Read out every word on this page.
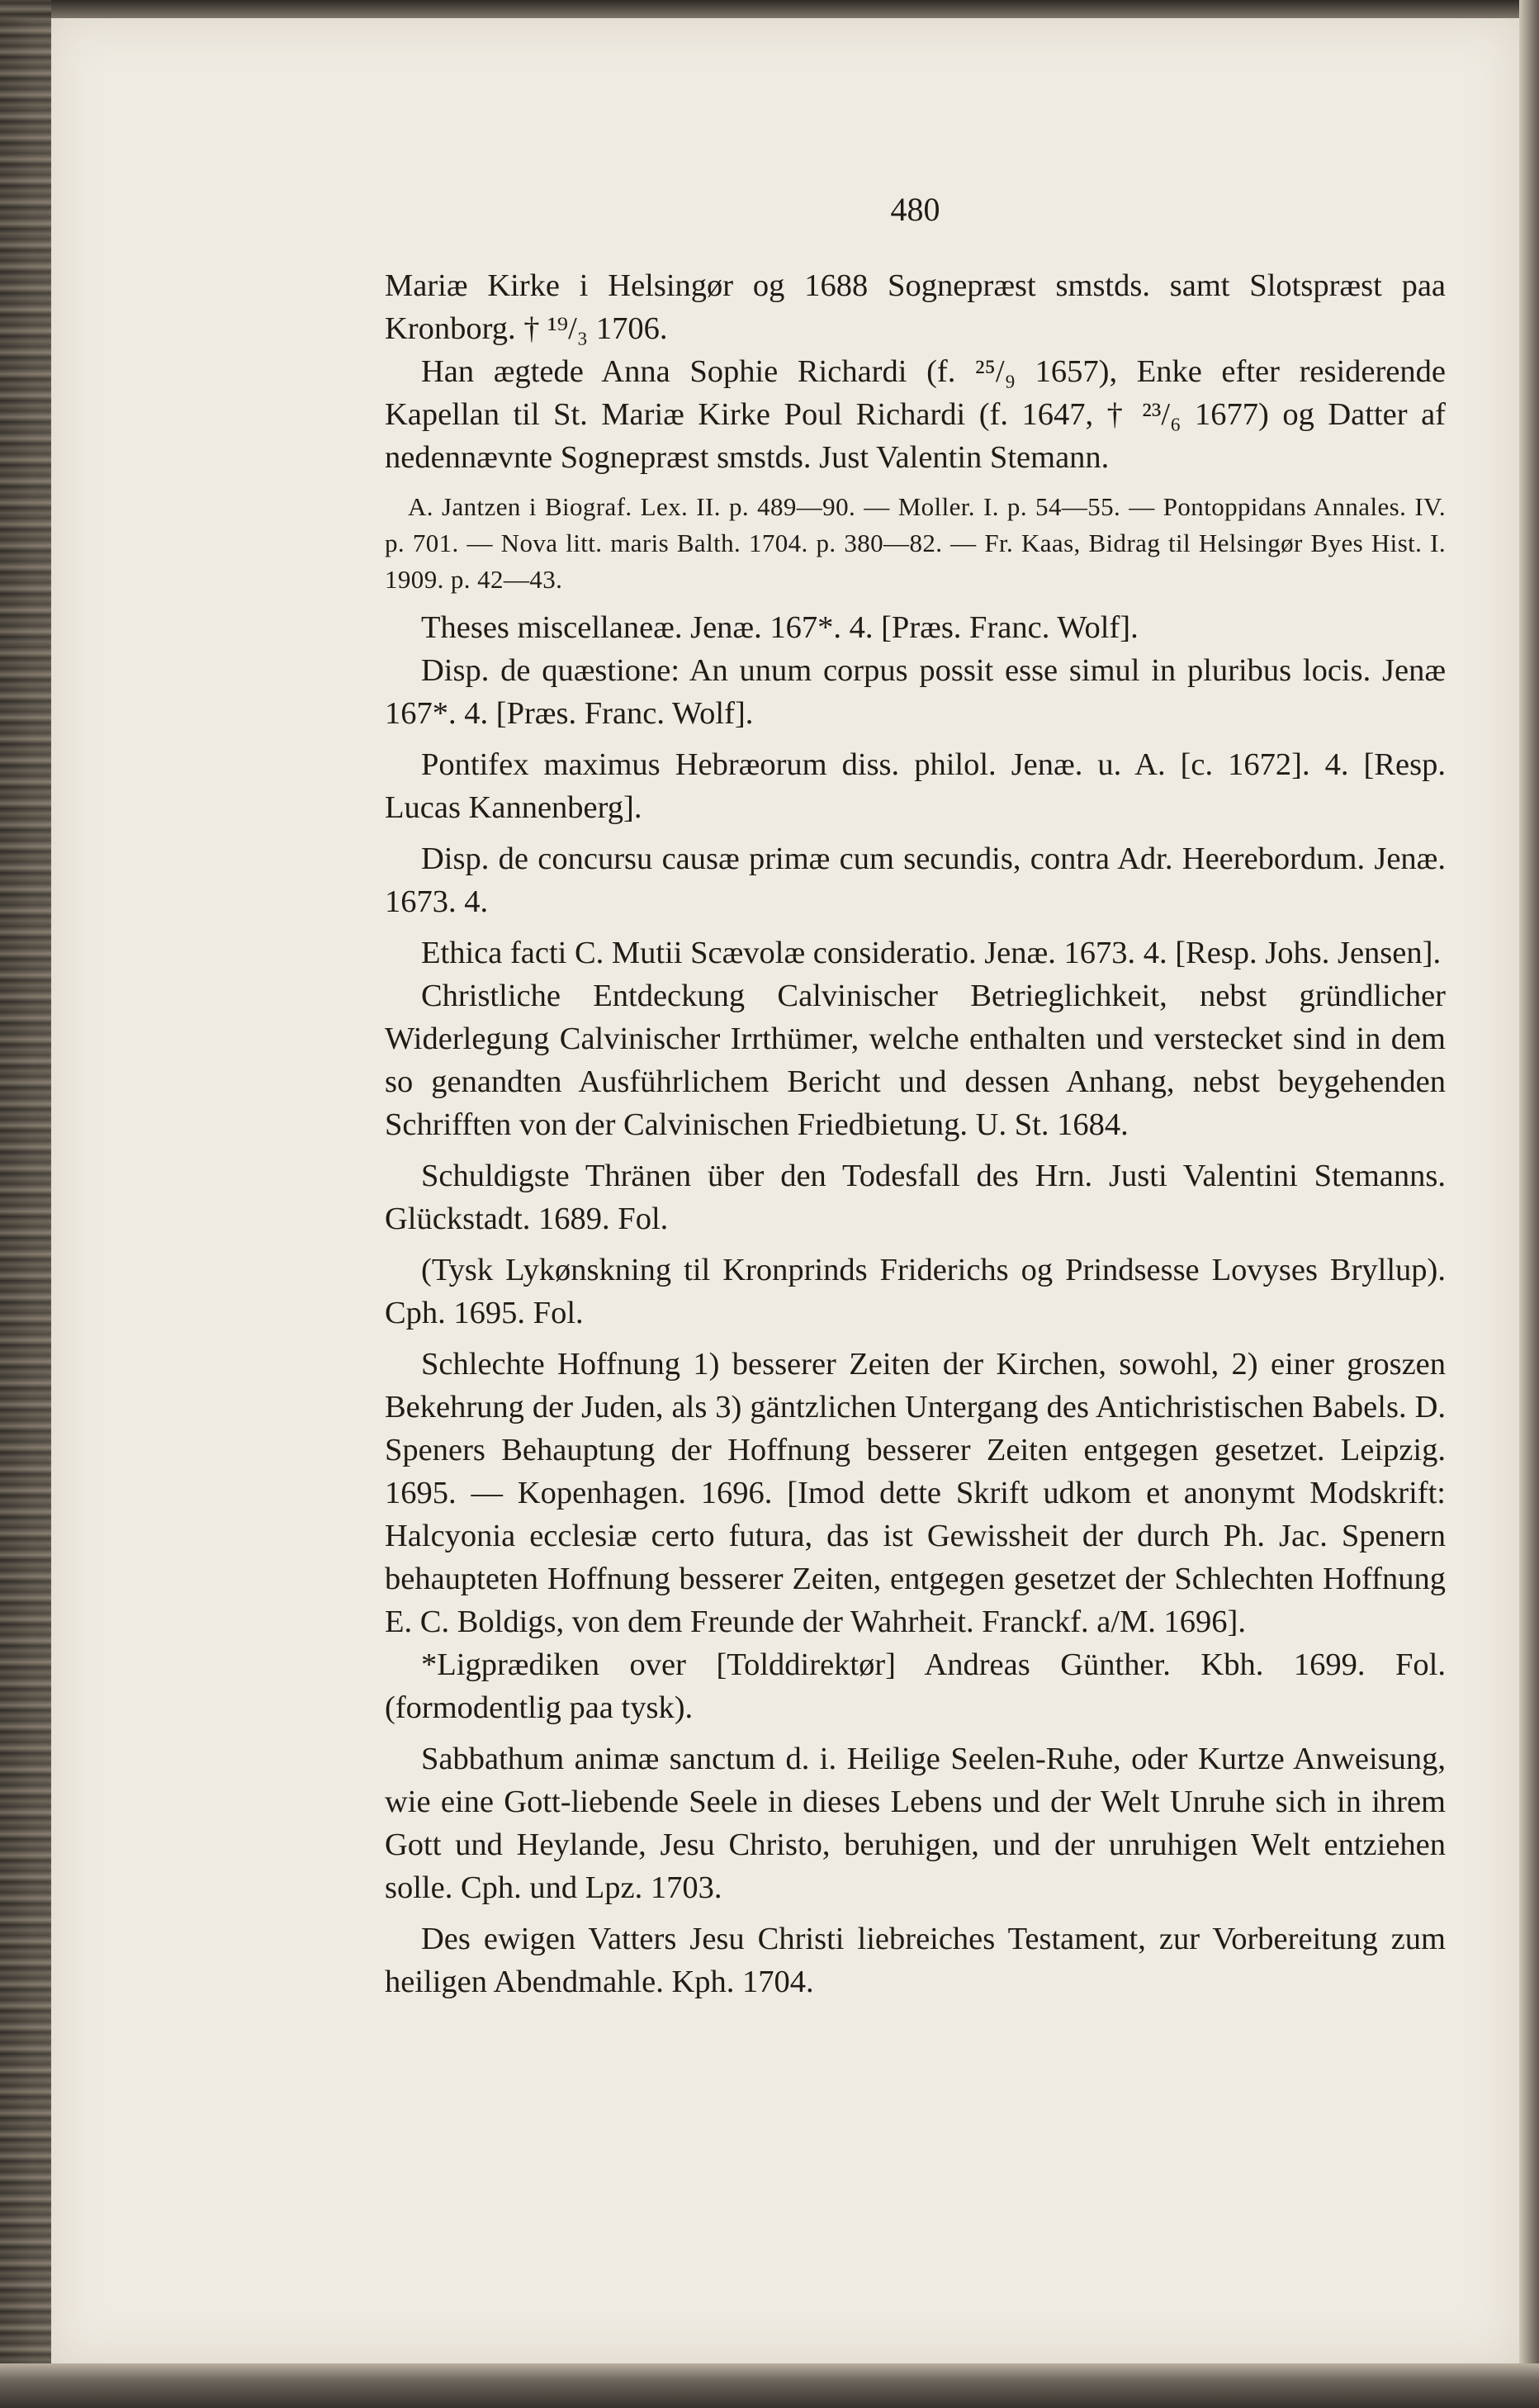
480

Mariæ Kirke i Helsingør og 1688 Sognepræst smstds. samt Slotspræst paa Kronborg. † ¹⁹/₃ 1706.

Han ægtede Anna Sophie Richardi (f. ²⁵/₉ 1657), Enke efter residerende Kapellan til St. Mariæ Kirke Poul Richardi (f. 1647, † ²³/₆ 1677) og Datter af nedennævnte Sognepræst smstds. Just Valentin Stemann.

A. Jantzen i Biograf. Lex. II. p. 489—90. — Moller. I. p. 54—55. — Pontoppidans Annales. IV. p. 701. — Nova litt. maris Balth. 1704. p. 380—82. — Fr. Kaas, Bidrag til Helsingør Byes Hist. I. 1909. p. 42—43.

Theses miscellaneæ. Jenæ. 167*. 4. [Præs. Franc. Wolf].

Disp. de quæstione: An unum corpus possit esse simul in pluribus locis. Jenæ 167*. 4. [Præs. Franc. Wolf].

Pontifex maximus Hebræorum diss. philol. Jenæ. u. A. [c. 1672]. 4. [Resp. Lucas Kannenberg].

Disp. de concursu causæ primæ cum secundis, contra Adr. Heerebordum. Jenæ. 1673. 4.

Ethica facti C. Mutii Scævolæ consideratio. Jenæ. 1673. 4. [Resp. Johs. Jensen].

Christliche Entdeckung Calvinischer Betrieglichkeit, nebst gründlicher Widerlegung Calvinischer Irrthümer, welche enthalten und verstecket sind in dem so genandten Ausführlichem Bericht und dessen Anhang, nebst beygehenden Schrifften von der Calvinischen Friedbietung. U. St. 1684.

Schuldigste Thränen über den Todesfall des Hrn. Justi Valentini Stemanns. Glückstadt. 1689. Fol.

(Tysk Lykønskning til Kronprinds Friderichs og Prindsesse Lovyses Bryllup). Cph. 1695. Fol.

Schlechte Hoffnung 1) besserer Zeiten der Kirchen, sowohl, 2) einer groszen Bekehrung der Juden, als 3) gäntzlichen Untergang des Antichristischen Babels. D. Speners Behauptung der Hoffnung besserer Zeiten entgegen gesetzet. Leipzig. 1695. — Kopenhagen. 1696. [Imod dette Skrift udkom et anonymt Modskrift: Halcyonia ecclesiæ certo futura, das ist Gewissheit der durch Ph. Jac. Spenern behaupteten Hoffnung besserer Zeiten, entgegen gesetzet der Schlechten Hoffnung E. C. Boldigs, von dem Freunde der Wahrheit. Franckf. a/M. 1696].

*Ligprædiken over [Tolddirektør] Andreas Günther. Kbh. 1699. Fol. (formodentlig paa tysk).

Sabbathum animæ sanctum d. i. Heilige Seelen-Ruhe, oder Kurtze Anweisung, wie eine Gott-liebende Seele in dieses Lebens und der Welt Unruhe sich in ihrem Gott und Heylande, Jesu Christo, beruhigen, und der unruhigen Welt entziehen solle. Cph. und Lpz. 1703.

Des ewigen Vatters Jesu Christi liebreiches Testament, zur Vorbereitung zum heiligen Abendmahle. Kph. 1704.
